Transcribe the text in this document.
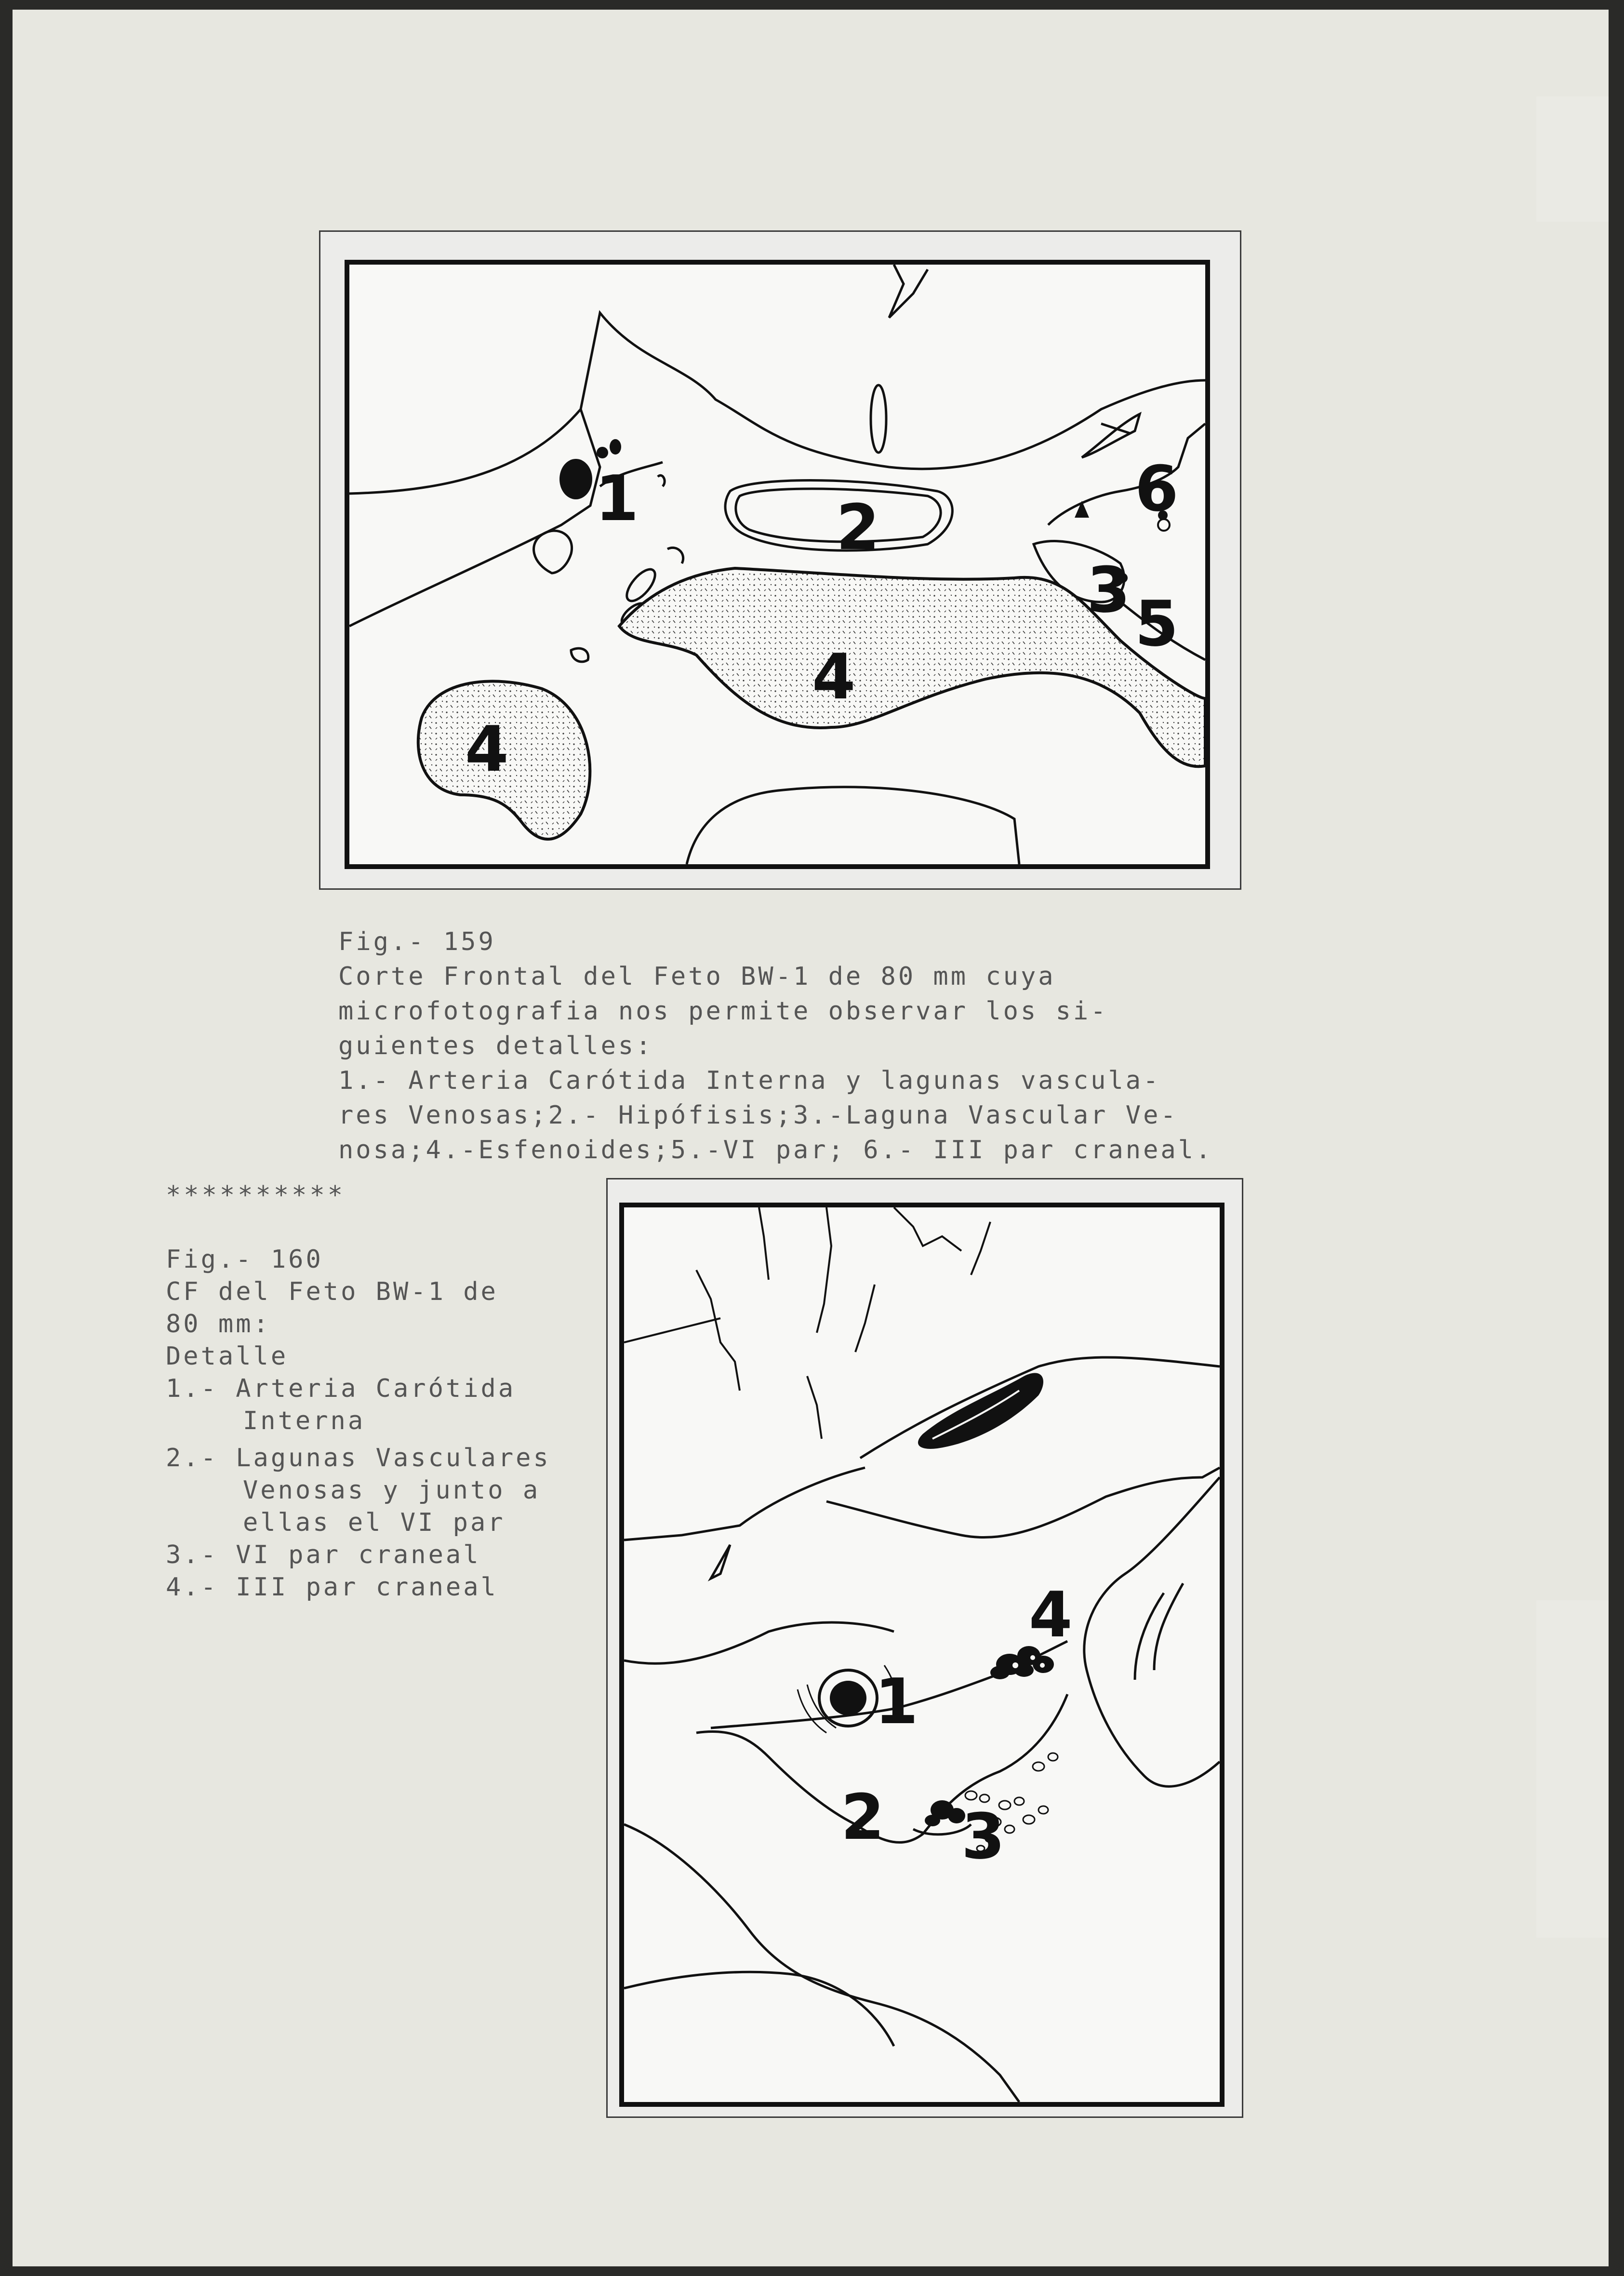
1	2
3
4
4
5
6
Fig.- 159
Corte Frontal del Feto BW-1 de 80 mm cuya
microfotografia nos permite observar los si-
guientes detalles:
1.- Arteria Carótida Interna y lagunas vascula-
res Venosas;2.- Hipófisis;3.-Laguna Vascular Ve-
nosa;4.-Esfenoides;5.-VI par; 6.- III par craneal.
**********
Fig.- 160
CF del Feto BW-1 de
80 mm:
Detalle
1.- Arteria Carótida
Interna
2.- Lagunas Vasculares
Venosas y junto a
ellas el VI par
3.- VI par craneal
4.- III par craneal
1
2 3
4
